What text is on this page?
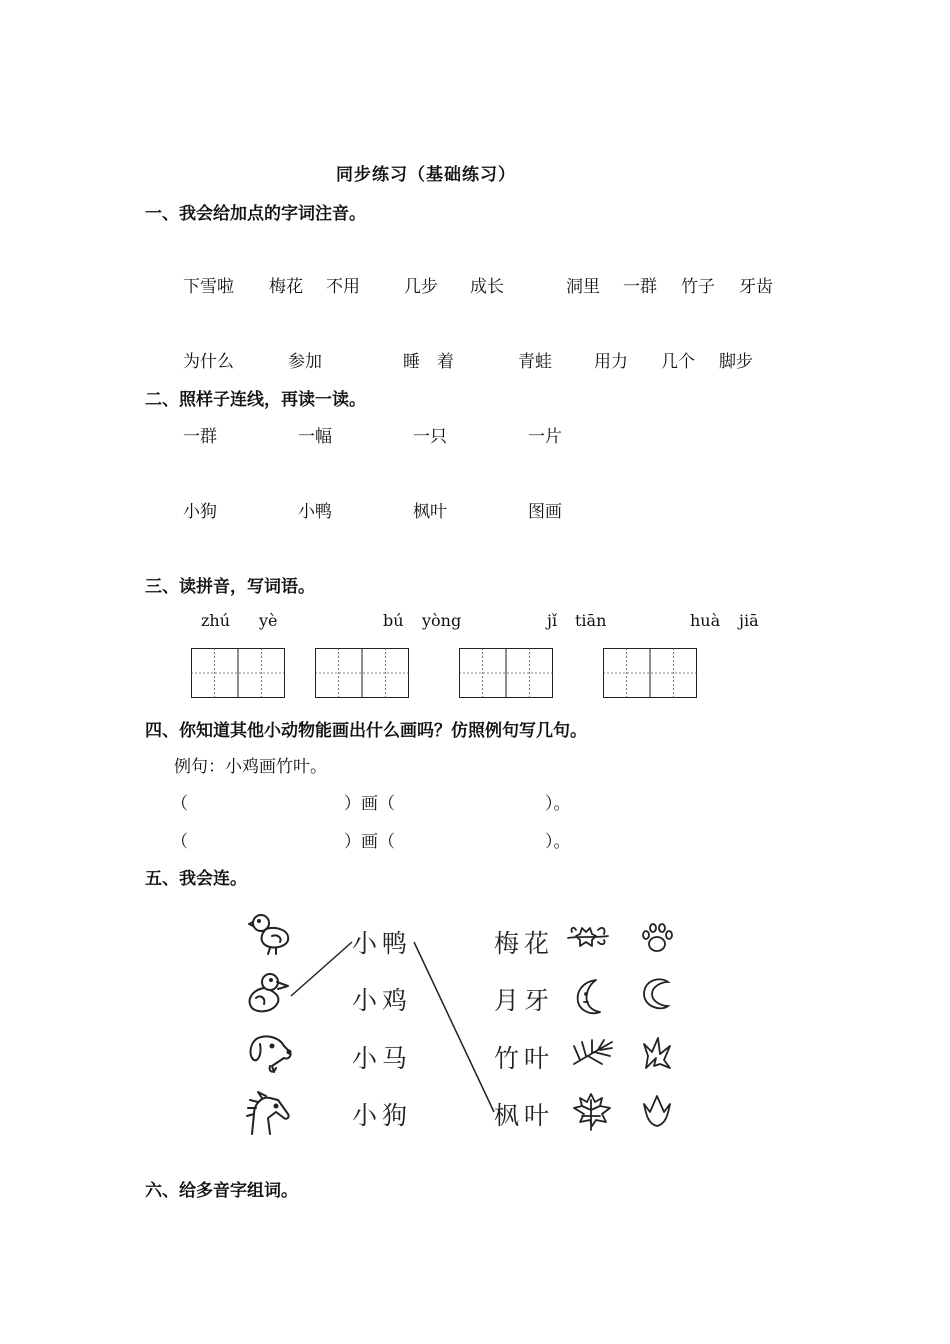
同步练习（基础练习）
一、我会给加点的字词注音。
下雪啦 梅花 不用	几步 成长	洞里 一群 竹子 牙齿
为什么	参加	睡　着	青蛙 用力 几个 脚步
二、照样子连线，再读一读。
一群	一幅	一只	一片
小狗	小鸭	枫叶	图画
三、读拼音，写词语。
zhú yè	bú yòng	jǐ tiān	huà jiā
四、你知道其他小动物能画出什么画吗？仿照例句写几句。
例句：小鸡画竹叶。
（	）画（	）。
（	）画（	）。
五、我会连。
小鸭
小鸡
小马
小狗
梅花
月牙
竹叶
枫叶
六、给多音字组词。
